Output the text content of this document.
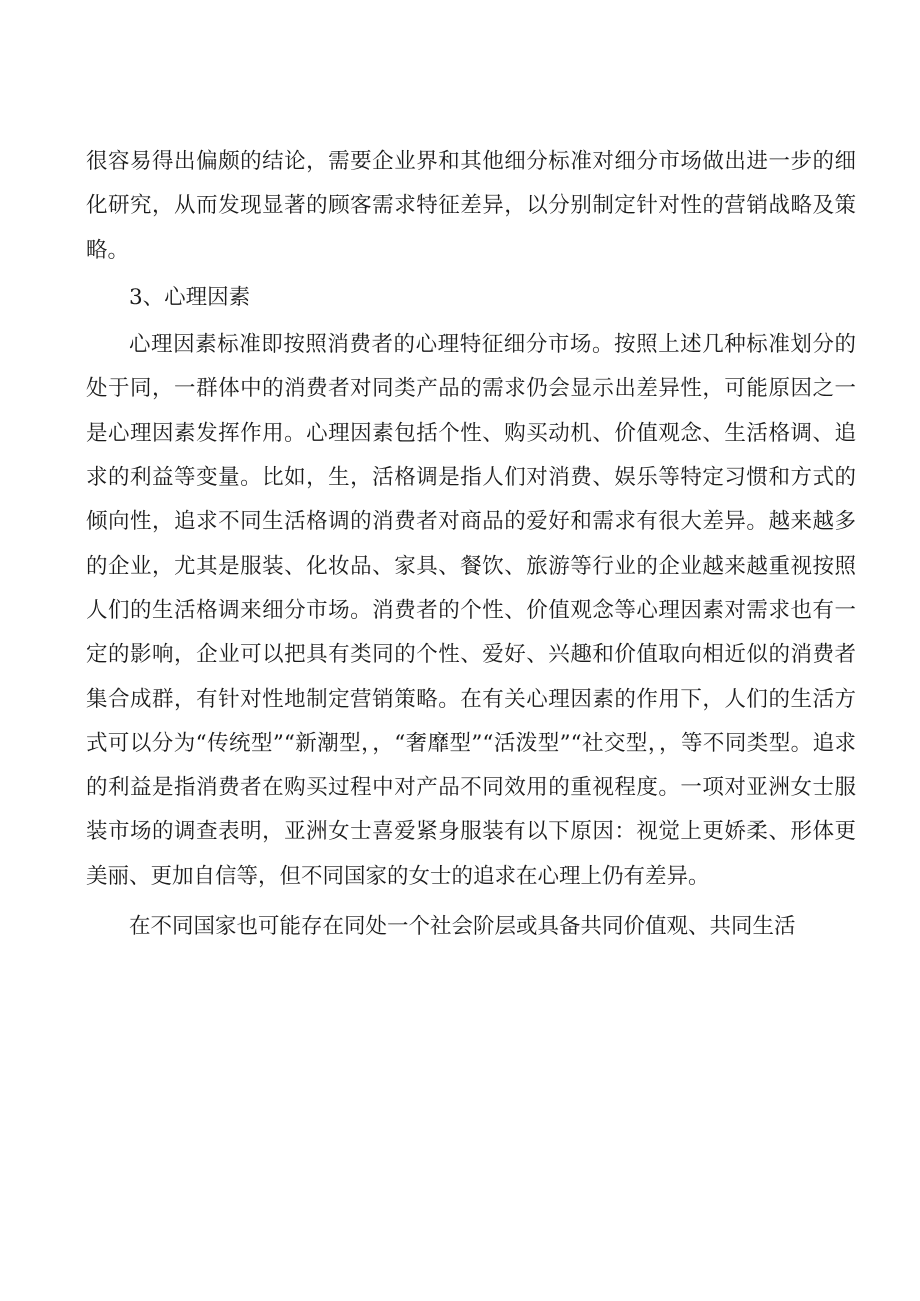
很容易得出偏颇的结论，需要企业界和其他细分标准对细分市场做出进一步的细化研究，从而发现显著的顾客需求特征差异，以分别制定针对性的营销战略及策略。

3、心理因素

心理因素标准即按照消费者的心理特征细分市场。按照上述几种标准划分的处于同，一群体中的消费者对同类产品的需求仍会显示出差异性，可能原因之一是心理因素发挥作用。心理因素包括个性、购买动机、价值观念、生活格调、追求的利益等变量。比如，生，活格调是指人们对消费、娱乐等特定习惯和方式的倾向性，追求不同生活格调的消费者对商品的爱好和需求有很大差异。越来越多的企业，尤其是服装、化妆品、家具、餐饮、旅游等行业的企业越来越重视按照人们的生活格调来细分市场。消费者的个性、价值观念等心理因素对需求也有一定的影响，企业可以把具有类同的个性、爱好、兴趣和价值取向相近似的消费者集合成群，有针对性地制定营销策略。在有关心理因素的作用下，人们的生活方式可以分为“传统型”“新潮型，，“奢靡型”“活泼型”“社交型，，等不同类型。追求的利益是指消费者在购买过程中对产品不同效用的重视程度。一项对亚洲女士服装市场的调查表明，亚洲女士喜爱紧身服装有以下原因：视觉上更娇柔、形体更美丽、更加自信等，但不同国家的女士的追求在心理上仍有差异。

在不同国家也可能存在同处一个社会阶层或具备共同价值观、共同生活
